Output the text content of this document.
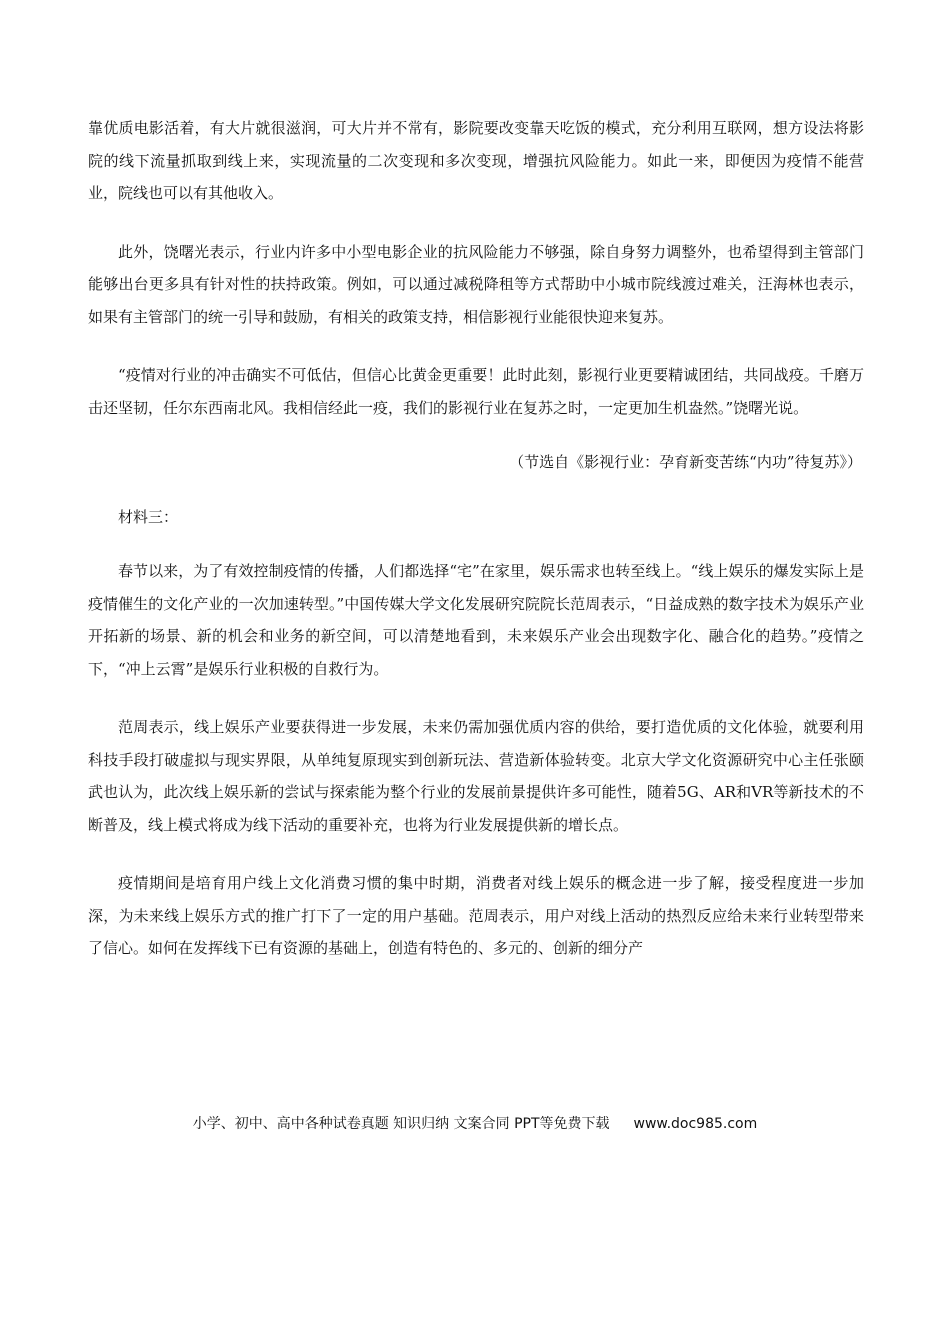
靠优质电影活着，有大片就很滋润，可大片并不常有，影院要改变靠天吃饭的模式，充分利用互联网，想方设法将影院的线下流量抓取到线上来，实现流量的二次变现和多次变现，增强抗风险能力。如此一来，即便因为疫情不能营业，院线也可以有其他收入。

此外，饶曙光表示，行业内许多中小型电影企业的抗风险能力不够强，除自身努力调整外，也希望得到主管部门能够出台更多具有针对性的扶持政策。例如，可以通过减税降租等方式帮助中小城市院线渡过难关，汪海林也表示，如果有主管部门的统一引导和鼓励，有相关的政策支持，相信影视行业能很快迎来复苏。

“疫情对行业的冲击确实不可低估，但信心比黄金更重要！此时此刻，影视行业更要精诚团结，共同战疫。千磨万击还坚韧，任尔东西南北风。我相信经此一疫，我们的影视行业在复苏之时，一定更加生机盎然。”饶曙光说。

（节选自《影视行业：孕育新变苦练“内功”待复苏》）

材料三：

春节以来，为了有效控制疫情的传播，人们都选择“宅”在家里，娱乐需求也转至线上。“线上娱乐的爆发实际上是疫情催生的文化产业的一次加速转型。”中国传媒大学文化发展研究院院长范周表示，“日益成熟的数字技术为娱乐产业开拓新的场景、新的机会和业务的新空间，可以清楚地看到，未来娱乐产业会出现数字化、融合化的趋势。”疫情之下，“冲上云霄”是娱乐行业积极的自救行为。

范周表示，线上娱乐产业要获得进一步发展，未来仍需加强优质内容的供给，要打造优质的文化体验，就要利用科技手段打破虚拟与现实界限，从单纯复原现实到创新玩法、营造新体验转变。北京大学文化资源研究中心主任张颐武也认为，此次线上娱乐新的尝试与探索能为整个行业的发展前景提供许多可能性，随着5G、AR和VR等新技术的不断普及，线上模式将成为线下活动的重要补充，也将为行业发展提供新的增长点。

疫情期间是培育用户线上文化消费习惯的集中时期，消费者对线上娱乐的概念进一步了解，接受程度进一步加深，为未来线上娱乐方式的推广打下了一定的用户基础。范周表示，用户对线上活动的热烈反应给未来行业转型带来了信心。如何在发挥线下已有资源的基础上，创造有特色的、多元的、创新的细分产

小学、初中、高中各种试卷真题 知识归纳 文案合同 PPT等免费下载 www.doc985.com
